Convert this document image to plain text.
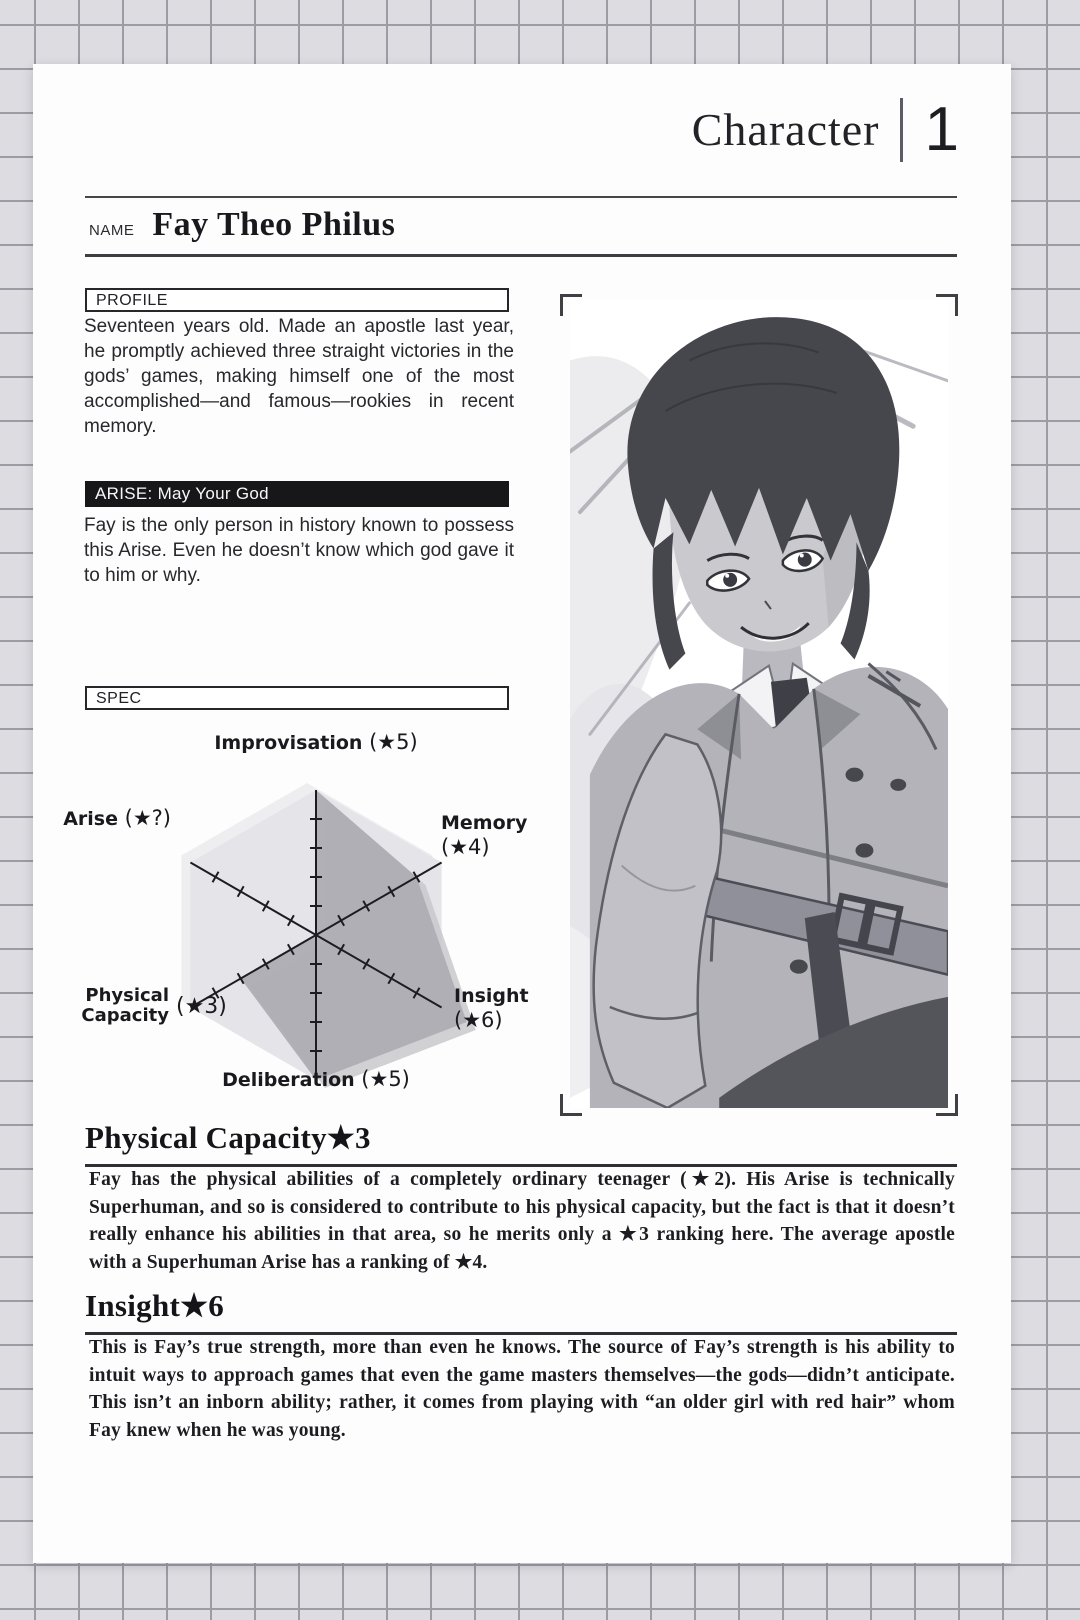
Character 1
NAME Fay Theo Philus
PROFILE

Seventeen years old. Made an apostle last year, he promptly achieved three straight victories in the gods’ games, making himself one of the most accomplished—and famous—rookies in recent memory.

ARISE: May Your God

Fay is the only person in history known to possess this Arise. Even he doesn’t know which god gave it to him or why.

SPEC
Improvisation (★5)
Arise (★?)	Memory
(★4)
Insight
(★6)
Physical Capacity (★3)
Deliberation (★5)
Physical Capacity★3

Fay has the physical abilities of a completely ordinary teenager (★2). His Arise is technically Superhuman, and so is considered to contribute to his physical capacity, but the fact is that it doesn’t really enhance his abilities in that area, so he merits only a ★3 ranking here. The average apostle with a Superhuman Arise has a ranking of ★4.

Insight★6

This is Fay’s true strength, more than even he knows. The source of Fay’s strength is his ability to intuit ways to approach games that even the game masters themselves—the gods—didn’t anticipate. This isn’t an inborn ability; rather, it comes from playing with “an older girl with red hair” whom Fay knew when he was young.
